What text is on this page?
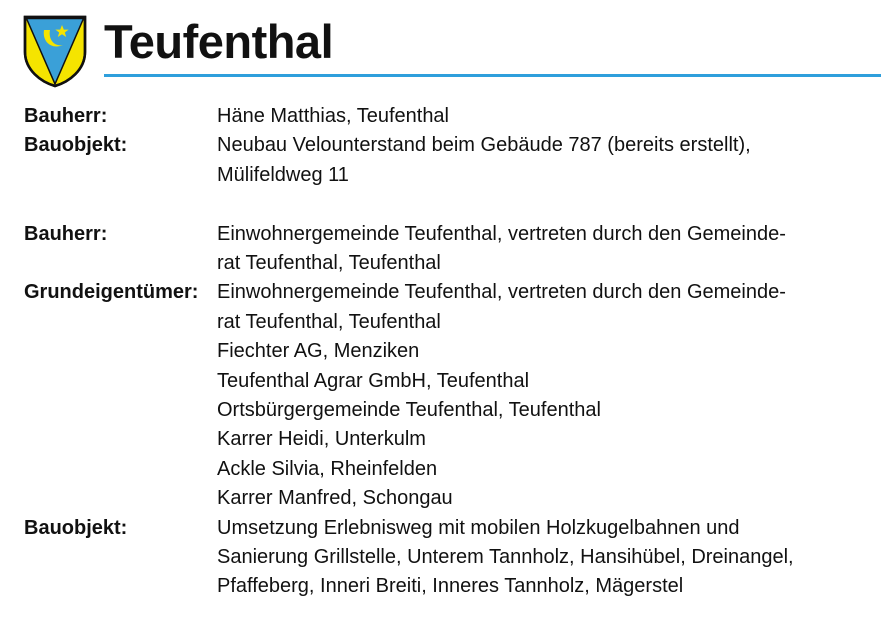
Teufenthal
Bauherr:	Häne Matthias, Teufenthal
Bauobjekt:	Neubau Velounterstand beim Gebäude 787 (bereits erstellt),
Mülifeldweg 11
Bauherr:	Einwohnergemeinde Teufenthal, vertreten durch den Gemeinde-
rat Teufenthal, Teufenthal
Grundeigentümer: Einwohnergemeinde Teufenthal, vertreten durch den Gemeinde-
rat Teufenthal, Teufenthal
Fiechter AG, Menziken
Teufenthal Agrar GmbH, Teufenthal
Ortsbürgergemeinde Teufenthal, Teufenthal
Karrer Heidi, Unterkulm
Ackle Silvia, Rheinfelden
Karrer Manfred, Schongau
Bauobjekt:	Umsetzung Erlebnisweg mit mobilen Holzkugelbahnen und
Sanierung Grillstelle, Unterem Tannholz, Hansihübel, Dreinangel,
Pfaffeberg, Inneri Breiti, Inneres Tannholz, Mägerstel
